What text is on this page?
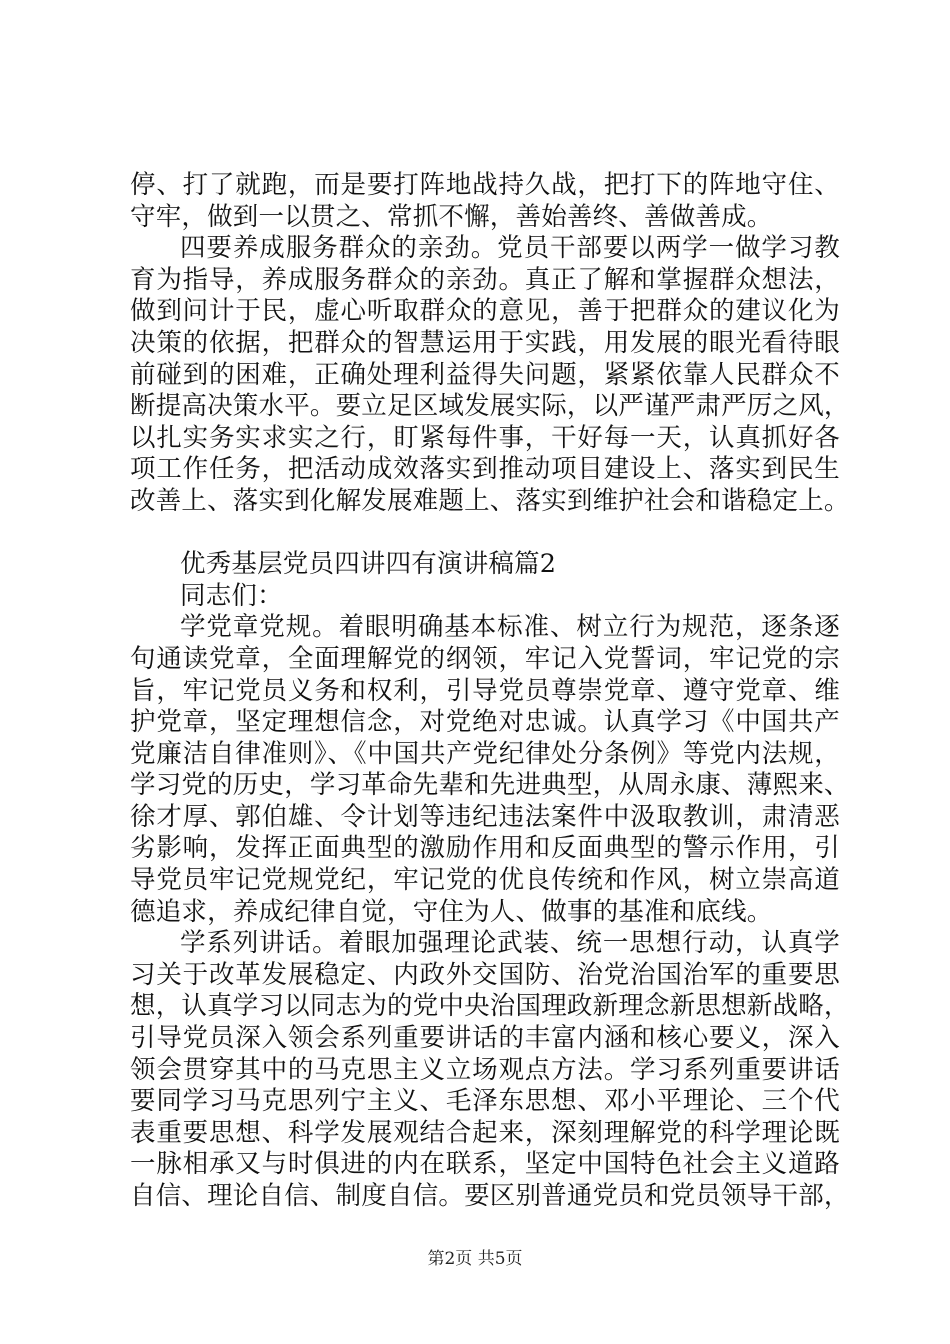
停、打了就跑，而是要打阵地战持久战，把打下的阵地守住、
守牢，做到一以贯之、常抓不懈，善始善终、善做善成。
四要养成服务群众的亲劲。党员干部要以两学一做学习教
育为指导，养成服务群众的亲劲。真正了解和掌握群众想法，
做到问计于民，虚心听取群众的意见，善于把群众的建议化为
决策的依据，把群众的智慧运用于实践，用发展的眼光看待眼
前碰到的困难，正确处理利益得失问题，紧紧依靠人民群众不
断提高决策水平。要立足区域发展实际，以严谨严肃严厉之风，
以扎实务实求实之行，盯紧每件事，干好每一天，认真抓好各
项工作任务，把活动成效落实到推动项目建设上、落实到民生
改善上、落实到化解发展难题上、落实到维护社会和谐稳定上。
优秀基层党员四讲四有演讲稿篇2
同志们：
学党章党规。着眼明确基本标准、树立行为规范，逐条逐
句通读党章，全面理解党的纲领，牢记入党誓词，牢记党的宗
旨，牢记党员义务和权利，引导党员尊崇党章、遵守党章、维
护党章，坚定理想信念，对党绝对忠诚。认真学习《中国共产
党廉洁自律准则》、《中国共产党纪律处分条例》等党内法规，
学习党的历史，学习革命先辈和先进典型，从周永康、薄熙来、
徐才厚、郭伯雄、令计划等违纪违法案件中汲取教训，肃清恶
劣影响，发挥正面典型的激励作用和反面典型的警示作用，引
导党员牢记党规党纪，牢记党的优良传统和作风，树立崇高道
德追求，养成纪律自觉，守住为人、做事的基准和底线。
学系列讲话。着眼加强理论武装、统一思想行动，认真学
习关于改革发展稳定、内政外交国防、治党治国治军的重要思
想，认真学习以同志为的党中央治国理政新理念新思想新战略，
引导党员深入领会系列重要讲话的丰富内涵和核心要义，深入
领会贯穿其中的马克思主义立场观点方法。学习系列重要讲话
要同学习马克思列宁主义、毛泽东思想、邓小平理论、三个代
表重要思想、科学发展观结合起来，深刻理解党的科学理论既
一脉相承又与时俱进的内在联系，坚定中国特色社会主义道路
自信、理论自信、制度自信。要区别普通党员和党员领导干部，
第2页 共5页
